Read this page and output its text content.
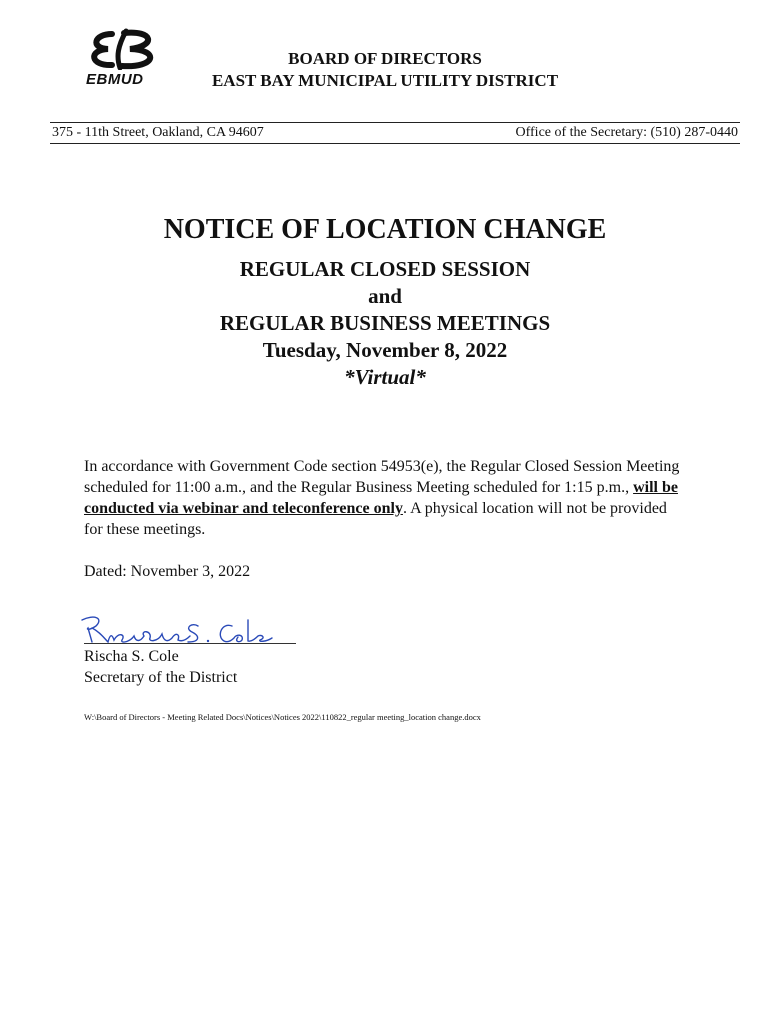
EBMUD
BOARD OF DIRECTORS
EAST BAY MUNICIPAL UTILITY DISTRICT
375 - 11th Street, Oakland, CA 94607	Office of the Secretary: (510) 287-0440
NOTICE OF LOCATION CHANGE
REGULAR CLOSED SESSION
and
REGULAR BUSINESS MEETINGS
Tuesday, November 8, 2022
*Virtual*
In accordance with Government Code section 54953(e), the Regular Closed Session Meeting scheduled for 11:00 a.m., and the Regular Business Meeting scheduled for 1:15 p.m., will be conducted via webinar and teleconference only. A physical location will not be provided for these meetings.
Dated: November 3, 2022
Rischa S. Cole
Secretary of the District
W:\Board of Directors - Meeting Related Docs\Notices\Notices 2022\110822_regular meeting_location change.docx
